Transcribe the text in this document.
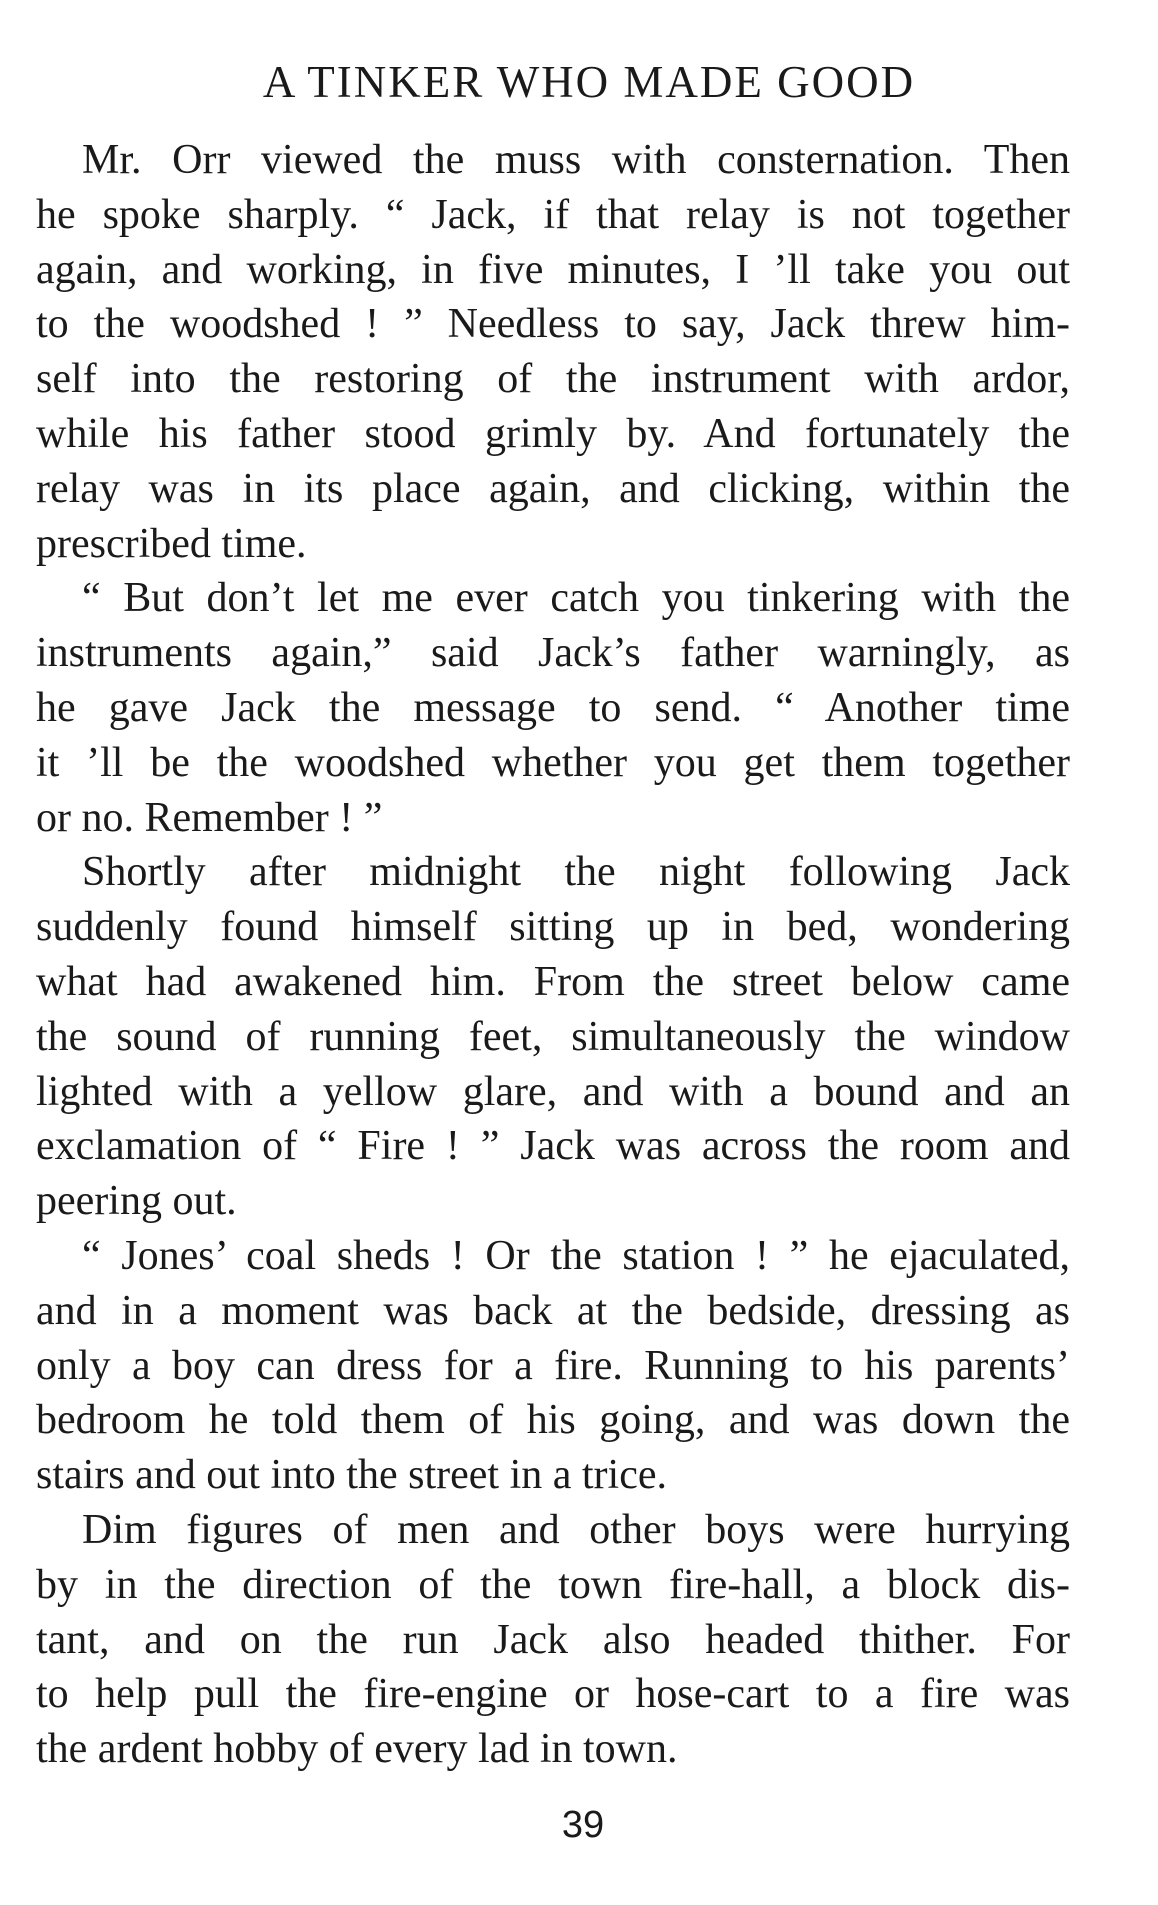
A TINKER WHO MADE GOOD
Mr. Orr viewed the muss with consternation. Then
he spoke sharply. “ Jack, if that relay is not together
again, and working, in five minutes, I ’ll take you out
to the woodshed ! ” Needless to say, Jack threw him-
self into the restoring of the instrument with ardor,
while his father stood grimly by. And fortunately the
relay was in its place again, and clicking, within the
prescribed time.
“ But don’t let me ever catch you tinkering with the
instruments again,” said Jack’s father warningly, as
he gave Jack the message to send. “ Another time
it ’ll be the woodshed whether you get them together
or no. Remember ! ”
Shortly after midnight the night following Jack
suddenly found himself sitting up in bed, wondering
what had awakened him. From the street below came
the sound of running feet, simultaneously the window
lighted with a yellow glare, and with a bound and an
exclamation of “ Fire ! ” Jack was across the room and
peering out.
“ Jones’ coal sheds ! Or the station ! ” he ejaculated,
and in a moment was back at the bedside, dressing as
only a boy can dress for a fire. Running to his parents’
bedroom he told them of his going, and was down the
stairs and out into the street in a trice.
Dim figures of men and other boys were hurrying
by in the direction of the town fire-hall, a block dis-
tant, and on the run Jack also headed thither. For
to help pull the fire-engine or hose-cart to a fire was
the ardent hobby of every lad in town.
39
